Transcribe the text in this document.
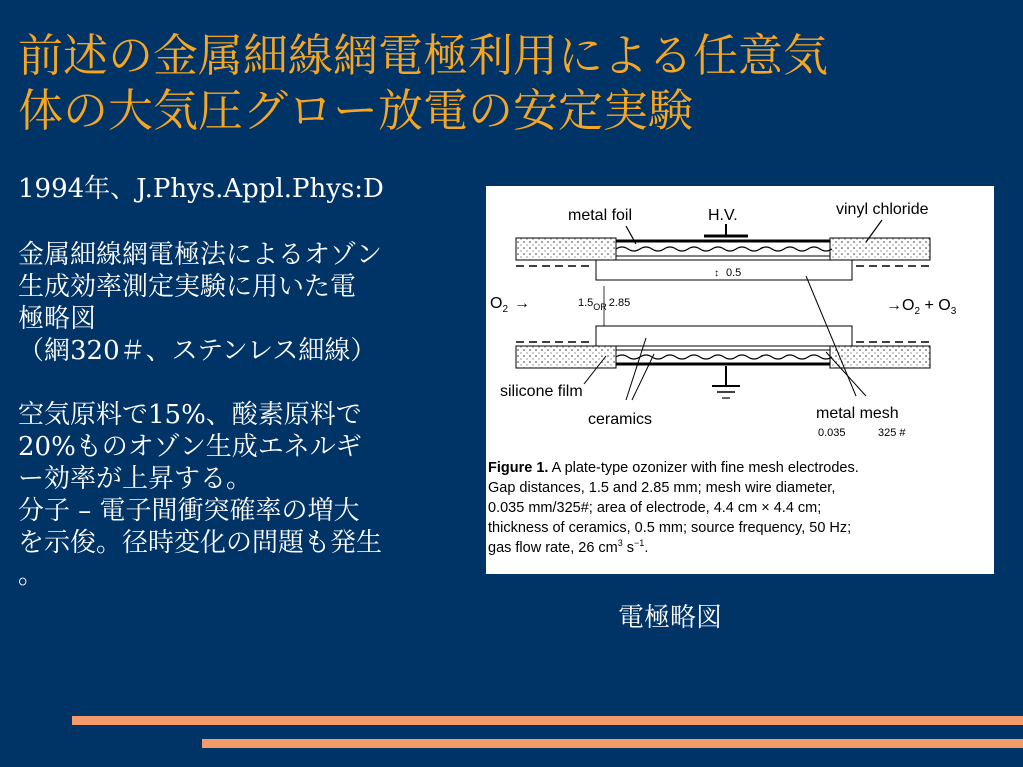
前述の金属細線網電極利用による任意気
体の大気圧グロー放電の安定実験

1994年、J.Phys.Appl.Phys:D

金属細線網電極法によるオゾン

生成効率測定実験に用いた電

極略図

（網320＃、ステンレス細線）

空気原料で15%、酸素原料で

20%ものオゾン生成エネルギ

ー効率が上昇する。

分子 – 電子間衝突確率の増大

を示俊。径時変化の問題も発生

。

metal foil	H.V.	vinyl chloride
↕ 0.5
$O_2$ →	$1.5_{OR}$ 2.85	$\to O_2 + O_3$
silicone film
ceramics	metal mesh
0.035	325 #
Figure 1. A plate-type ozonizer with fine mesh electrodes.
Gap distances, 1.5 and 2.85 mm; mesh wire diameter,
0.035 mm/325#; area of electrode, 4.4 cm × 4.4 cm;
thickness of ceramics, 0.5 mm; source frequency, 50 Hz;
gas flow rate, 26 $cm^3$ $s^{-1}$.
電極略図
